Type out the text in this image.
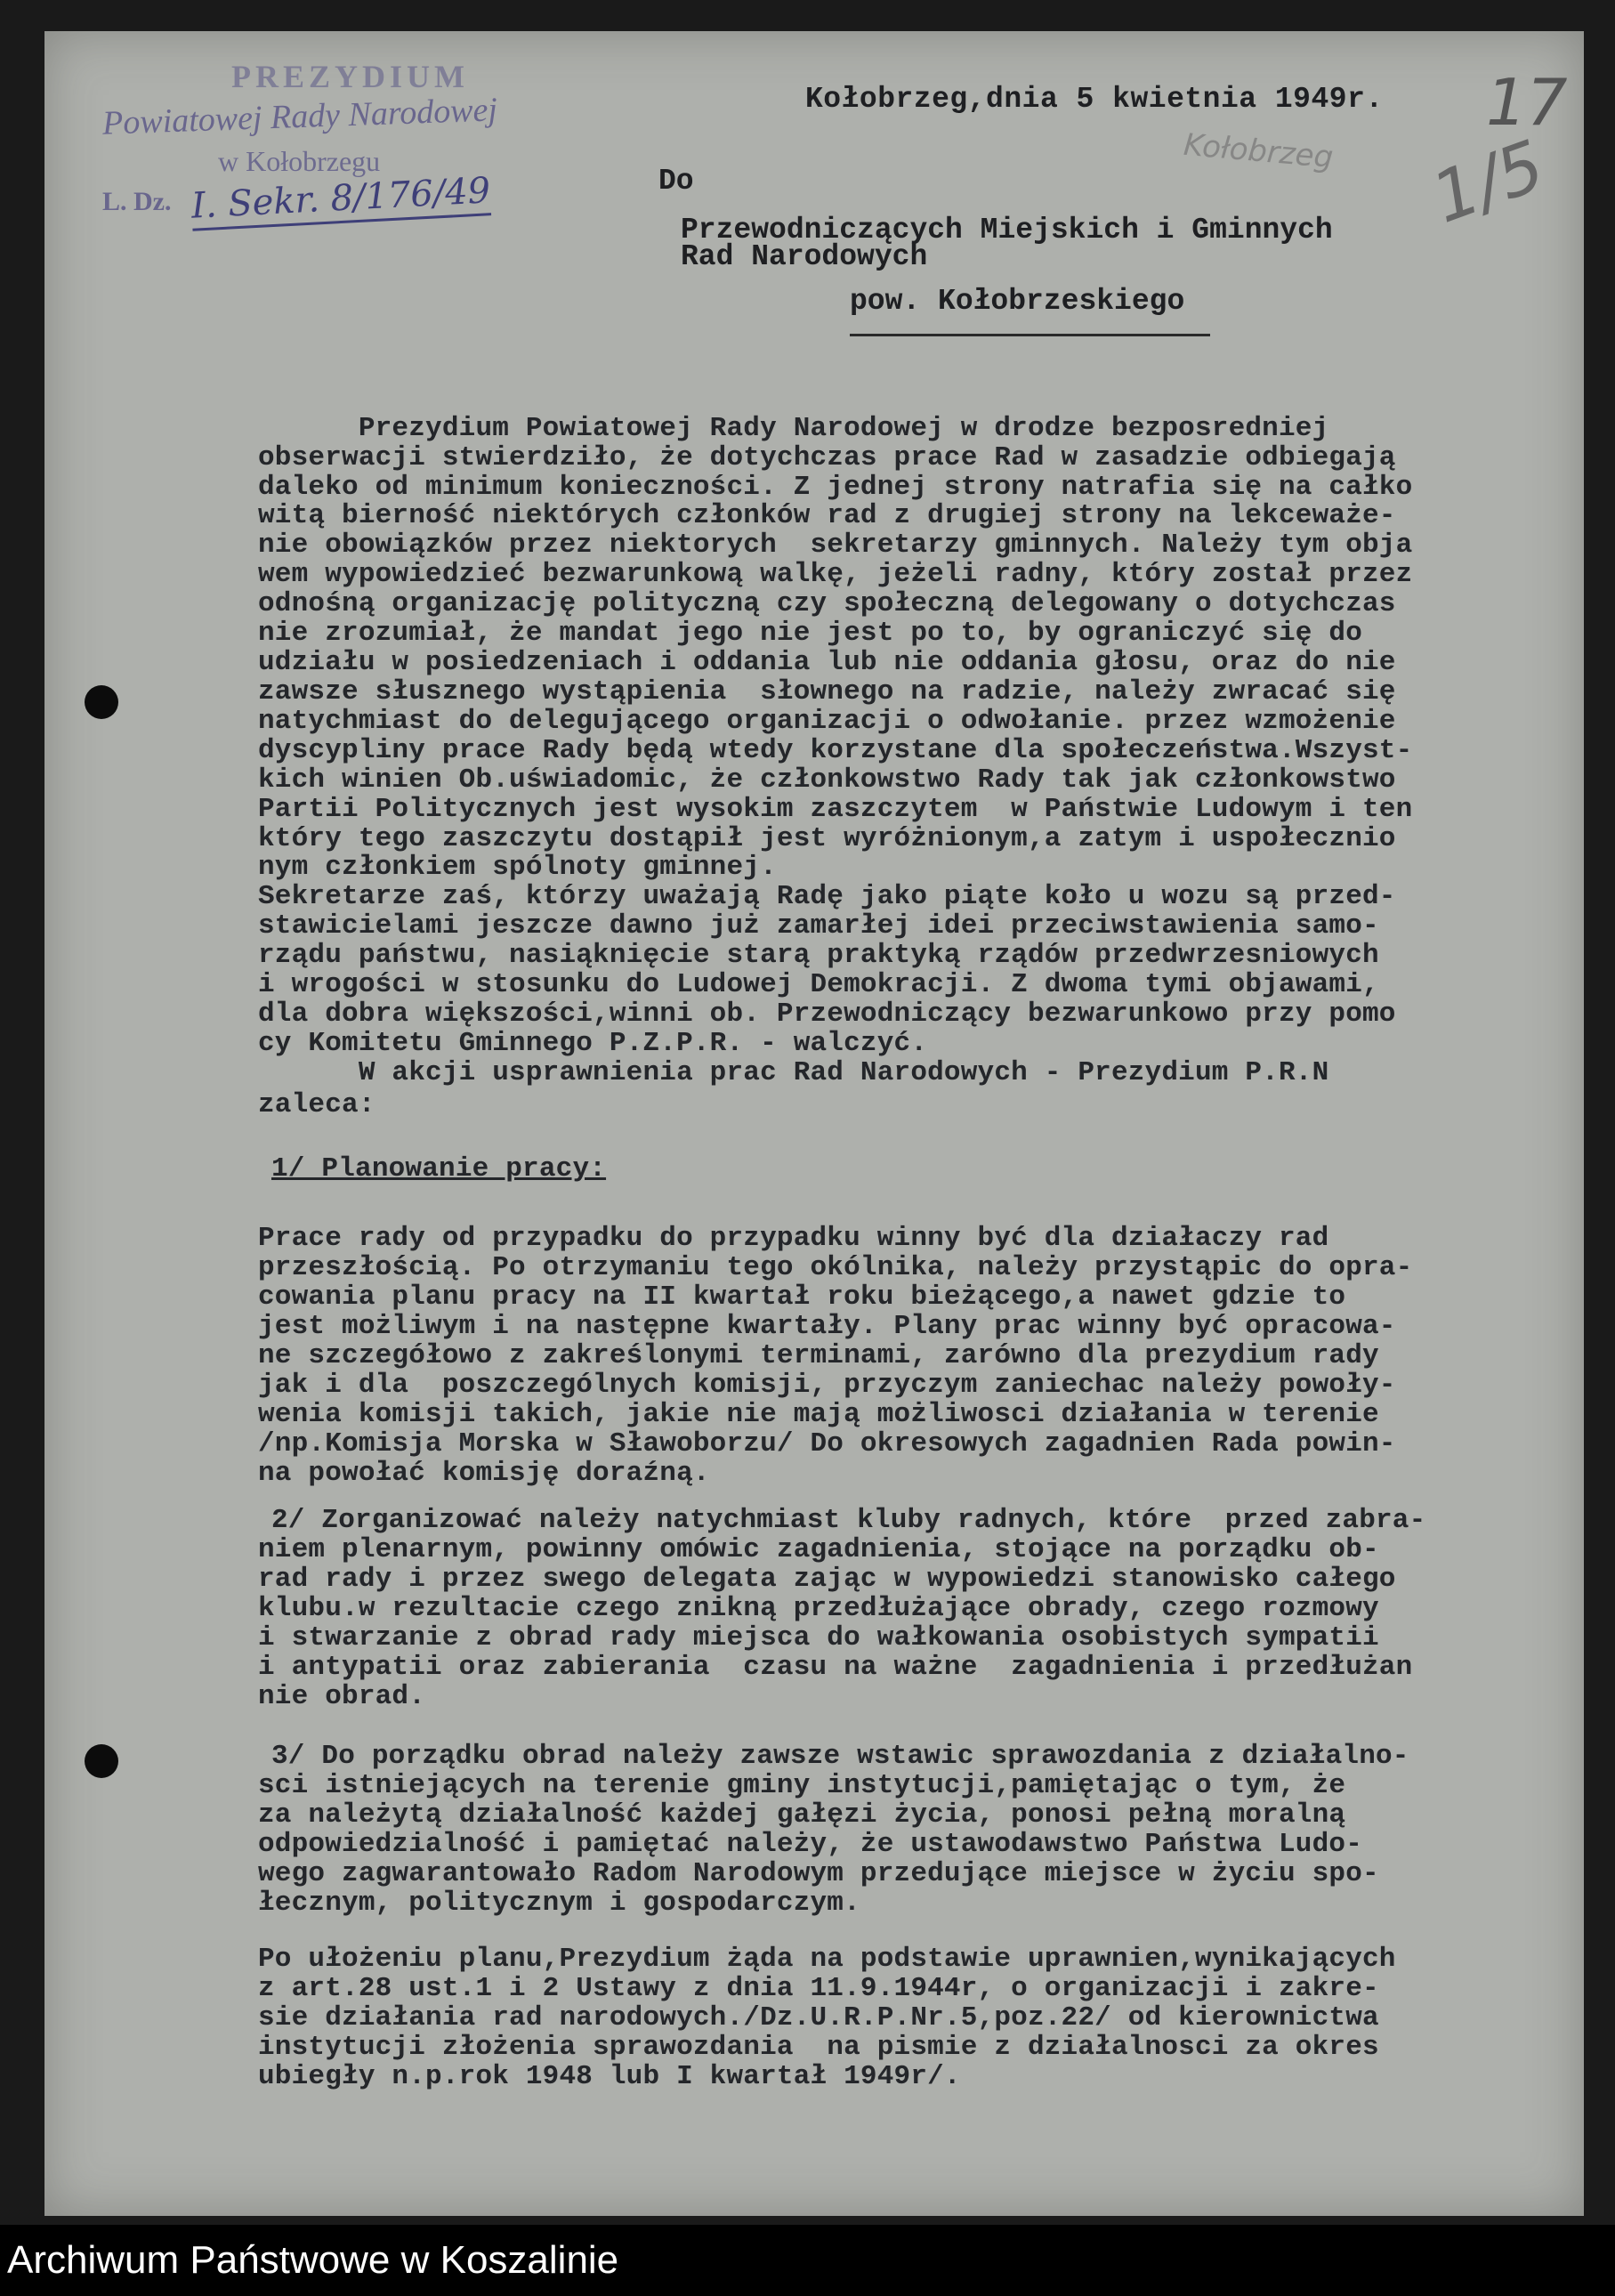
PREZYDIUM
Powiatowej Rady Narodowej
w Kołobrzegu
L. Dz. I. Sekr. 8/176/49
17
1/5
Kołobrzeg
Kołobrzeg,dnia 5 kwietnia 1949r.
Do
Przewodniczących Miejskich i Gminnych
Rad Narodowych
pow. Kołobrzeskiego
Prezydium Powiatowej Rady Narodowej w drodze bezposredniej
obserwacji stwierdziło, że dotychczas prace Rad w zasadzie odbiegają
daleko od minimum konieczności. Z jednej strony natrafia się na całko
witą bierność niektórych członków rad z drugiej strony na lekceważe-
nie obowiązków przez niektorych  sekretarzy gminnych. Należy tym obja
wem wypowiedzieć bezwarunkową walkę, jeżeli radny, który został przez
odnośną organizację polityczną czy społeczną delegowany o dotychczas
nie zrozumiał, że mandat jego nie jest po to, by ograniczyć się do
udziału w posiedzeniach i oddania lub nie oddania głosu, oraz do nie
zawsze słusznego wystąpienia  słownego na radzie, należy zwracać się
natychmiast do delegującego organizacji o odwołanie. przez wzmożenie
dyscypliny prace Rady będą wtedy korzystane dla społeczeństwa.Wszyst-
kich winien Ob.uświadomic, że członkowstwo Rady tak jak członkowstwo
Partii Politycznych jest wysokim zaszczytem  w Państwie Ludowym i ten
który tego zaszczytu dostąpił jest wyróżnionym,a zatym i uspołecznio
nym członkiem spólnoty gminnej.
Sekretarze zaś, którzy uważają Radę jako piąte koło u wozu są przed-
stawicielami jeszcze dawno już zamarłej idei przeciwstawienia samo-
rządu państwu, nasiąknięcie starą praktyką rządów przedwrzesniowych
i wrogości w stosunku do Ludowej Demokracji. Z dwoma tymi objawami,
dla dobra większości,winni ob. Przewodniczący bezwarunkowo przy pomo
cy Komitetu Gminnego P.Z.P.R. - walczyć.
W akcji usprawnienia prac Rad Narodowych - Prezydium P.R.N
zaleca:
1/ Planowanie pracy:
Prace rady od przypadku do przypadku winny być dla działaczy rad
przeszłością. Po otrzymaniu tego okólnika, należy przystąpic do opra-
cowania planu pracy na II kwartał roku bieżącego,a nawet gdzie to
jest możliwym i na następne kwartały. Plany prac winny być opracowa-
ne szczegółowo z zakreślonymi terminami, zarówno dla prezydium rady
jak i dla  poszczególnych komisji, przyczym zaniechac należy powoły-
wenia komisji takich, jakie nie mają możliwosci działania w terenie
/np.Komisja Morska w Sławoborzu/ Do okresowych zagadnien Rada powin-
na powołać komisję doraźną.
2/ Zorganizować należy natychmiast kluby radnych, które  przed zabra-
niem plenarnym, powinny omówic zagadnienia, stojące na porządku ob-
rad rady i przez swego delegata zając w wypowiedzi stanowisko całego
klubu.w rezultacie czego znikną przedłużające obrady, czego rozmowy
i stwarzanie z obrad rady miejsca do wałkowania osobistych sympatii
i antypatii oraz zabierania  czasu na ważne  zagadnienia i przedłużan
nie obrad.
3/ Do porządku obrad należy zawsze wstawic sprawozdania z działalno-
sci istniejących na terenie gminy instytucji,pamiętając o tym, że
za należytą działalność każdej gałęzi życia, ponosi pełną moralną
odpowiedzialność i pamiętać należy, że ustawodawstwo Państwa Ludo-
wego zagwarantowało Radom Narodowym przedujące miejsce w życiu spo-
łecznym, politycznym i gospodarczym.
Po ułożeniu planu,Prezydium żąda na podstawie uprawnien,wynikających
z art.28 ust.1 i 2 Ustawy z dnia 11.9.1944r, o organizacji i zakre-
sie działania rad narodowych./Dz.U.R.P.Nr.5,poz.22/ od kierownictwa
instytucji złożenia sprawozdania  na pismie z działalnosci za okres
ubiegły n.p.rok 1948 lub I kwartał 1949r/.
Archiwum Państwowe w Koszalinie
